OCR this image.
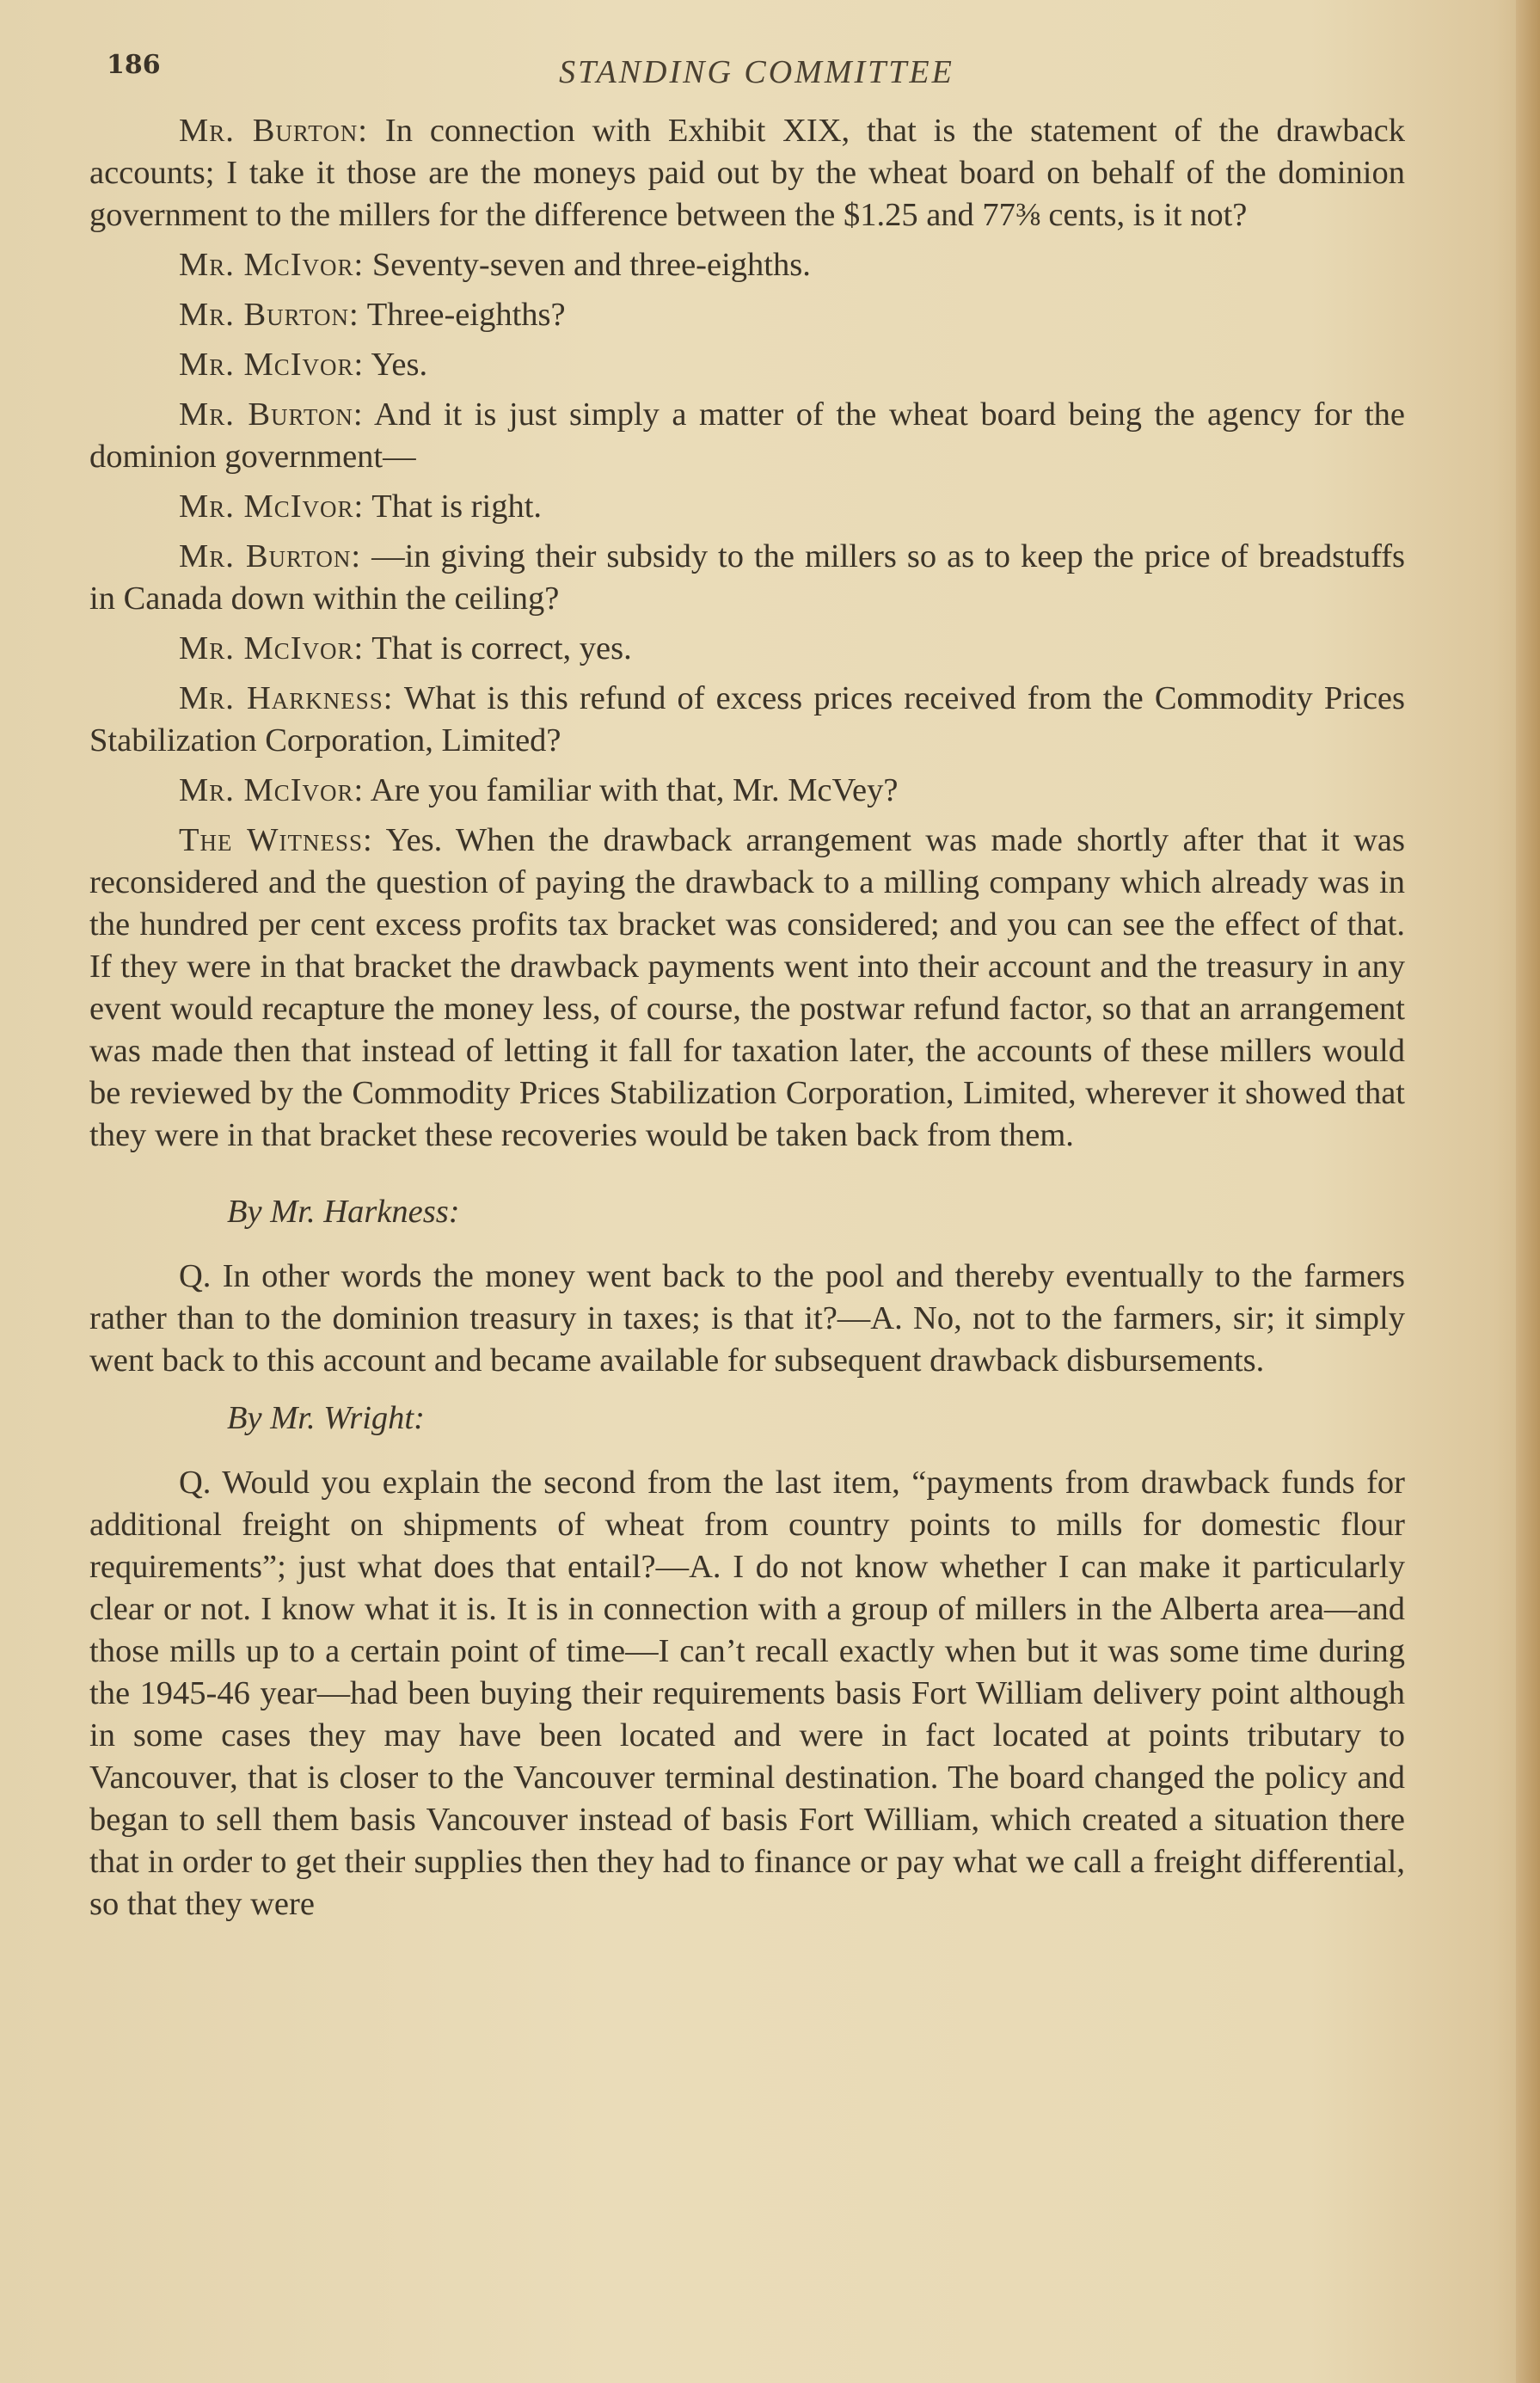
186	STANDING COMMITTEE

Mr. Burton: In connection with Exhibit XIX, that is the statement of the drawback accounts; I take it those are the moneys paid out by the wheat board on behalf of the dominion government to the millers for the difference between the $1.25 and 77⅜ cents, is it not?

Mr. McIvor: Seventy-seven and three-eighths.

Mr. Burton: Three-eighths?

Mr. McIvor: Yes.

Mr. Burton: And it is just simply a matter of the wheat board being the agency for the dominion government—

Mr. McIvor: That is right.

Mr. Burton: —in giving their subsidy to the millers so as to keep the price of breadstuffs in Canada down within the ceiling?

Mr. McIvor: That is correct, yes.

Mr. Harkness: What is this refund of excess prices received from the Commodity Prices Stabilization Corporation, Limited?

Mr. McIvor: Are you familiar with that, Mr. McVey?

The Witness: Yes. When the drawback arrangement was made shortly after that it was reconsidered and the question of paying the drawback to a milling company which already was in the hundred per cent excess profits tax bracket was considered; and you can see the effect of that. If they were in that bracket the drawback payments went into their account and the treasury in any event would recapture the money less, of course, the postwar refund factor, so that an arrangement was made then that instead of letting it fall for taxation later, the accounts of these millers would be reviewed by the Commodity Prices Stabilization Corporation, Limited, wherever it showed that they were in that bracket these recoveries would be taken back from them.

By Mr. Harkness:

Q. In other words the money went back to the pool and thereby eventually to the farmers rather than to the dominion treasury in taxes; is that it?—A. No, not to the farmers, sir; it simply went back to this account and became available for subsequent drawback disbursements.

By Mr. Wright:

Q. Would you explain the second from the last item, “payments from drawback funds for additional freight on shipments of wheat from country points to mills for domestic flour requirements”; just what does that entail?—A. I do not know whether I can make it particularly clear or not. I know what it is. It is in connection with a group of millers in the Alberta area—and those mills up to a certain point of time—I can’t recall exactly when but it was some time during the 1945-46 year—had been buying their requirements basis Fort William delivery point although in some cases they may have been located and were in fact located at points tributary to Vancouver, that is closer to the Vancouver terminal destination. The board changed the policy and began to sell them basis Vancouver instead of basis Fort William, which created a situation there that in order to get their supplies then they had to finance or pay what we call a freight differential, so that they were
